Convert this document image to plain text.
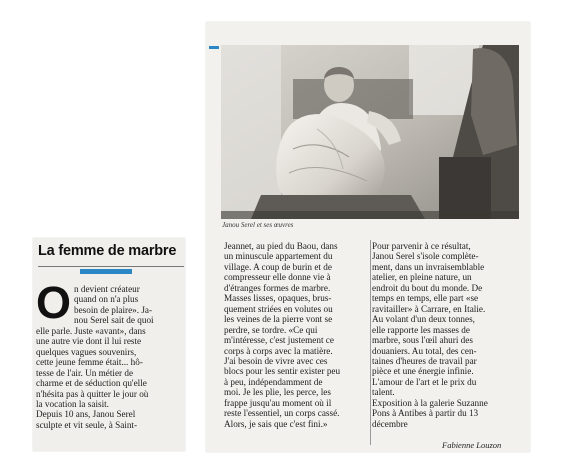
Janou Serel et ses œuvres
La femme de marbre
O n devient créateur
quand on n'a plus
besoin de plaire». Ja-
nou Serel sait de quoi
elle parle. Juste «avant», dans
une autre vie dont il lui reste
quelques vagues souvenirs,
cette jeune femme était... hô-
tesse de l'air. Un métier de
charme et de séduction qu'elle
n'hésita pas à quitter le jour où
la vocation la saisit.
Depuis 10 ans, Janou Serel
sculpte et vit seule, à Saint-
Jeannet, au pied du Baou, dans
un minuscule appartement du
village. A coup de burin et de
compresseur elle donne vie à
d'étranges formes de marbre.
Masses lisses, opaques, brus-
quement striées en volutes ou
les veines de la pierre vont se
perdre, se tordre. «Ce qui
m'intéresse, c'est justement ce
corps à corps avec la matière.
J'ai besoin de vivre avec ces
blocs pour les sentir exister peu
à peu, indépendamment de
moi. Je les plie, les perce, les
frappe jusqu'au moment où il
reste l'essentiel, un corps cassé.
Alors, je sais que c'est fini.»
Pour parvenir à ce résultat,
Janou Serel s'isole complète-
ment, dans un invraisemblable
atelier, en pleine nature, un
endroit du bout du monde. De
temps en temps, elle part «se
ravitailler» à Carrare, en Italie.
Au volant d'un deux tonnes,
elle rapporte les masses de
marbre, sous l'œil ahuri des
douaniers. Au total, des cen-
taines d'heures de travail par
pièce et une énergie infinie.
L'amour de l'art et le prix du
talent.
Exposition à la galerie Suzanne
Pons à Antibes à partir du 13
décembre
Fabienne Louzon
